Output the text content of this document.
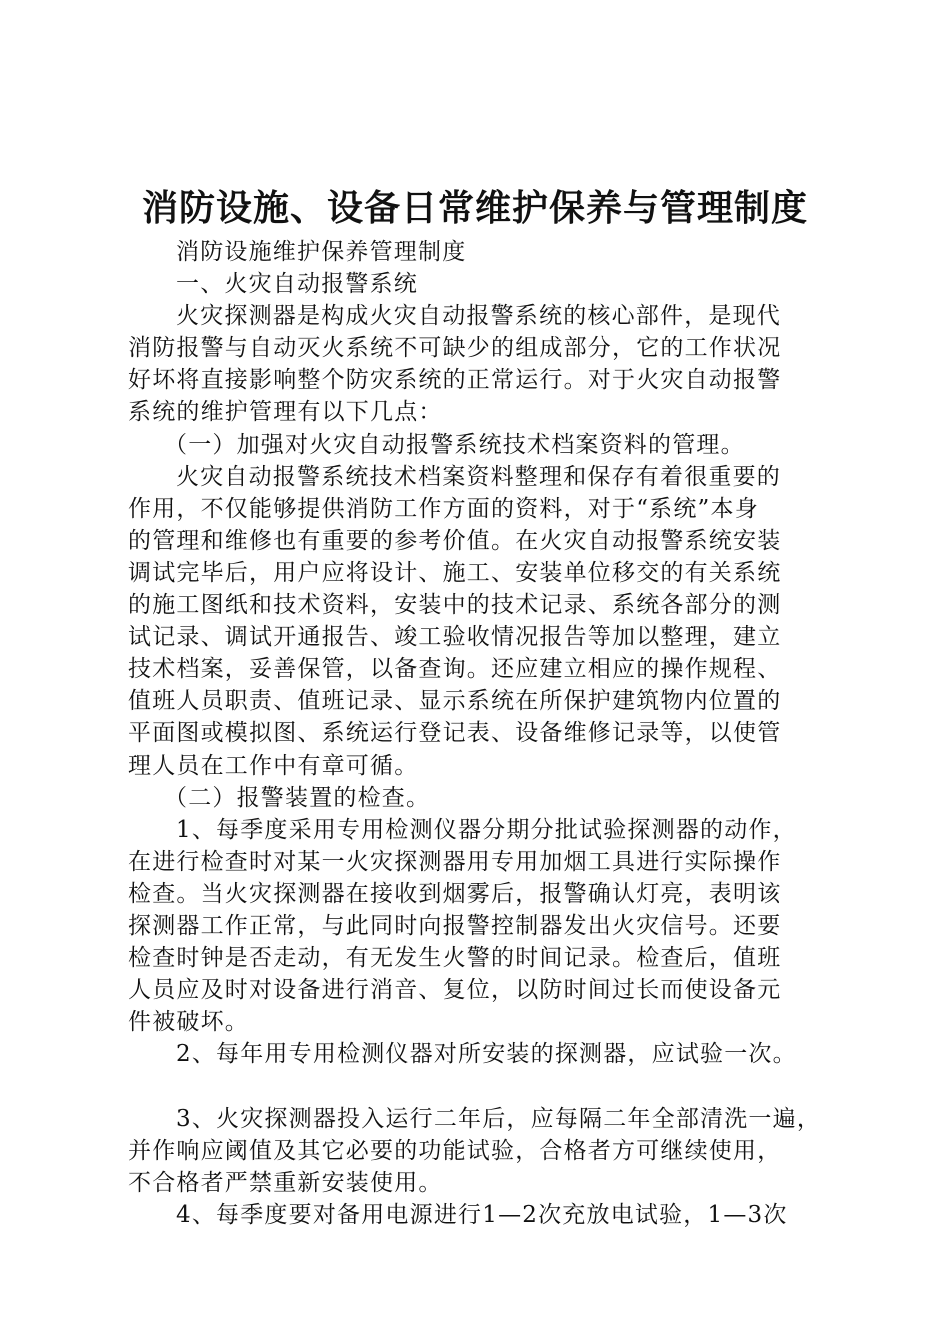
消防设施、设备日常维护保养与管理制度
消防设施维护保养管理制度
一、火灾自动报警系统
火灾探测器是构成火灾自动报警系统的核心部件，是现代
消防报警与自动灭火系统不可缺少的组成部分，它的工作状况
好坏将直接影响整个防灾系统的正常运行。对于火灾自动报警
系统的维护管理有以下几点：
（一）加强对火灾自动报警系统技术档案资料的管理。
火灾自动报警系统技术档案资料整理和保存有着很重要的
作用，不仅能够提供消防工作方面的资料，对于“系统”本身
的管理和维修也有重要的参考价值。在火灾自动报警系统安装
调试完毕后，用户应将设计、施工、安装单位移交的有关系统
的施工图纸和技术资料，安装中的技术记录、系统各部分的测
试记录、调试开通报告、竣工验收情况报告等加以整理，建立
技术档案，妥善保管，以备查询。还应建立相应的操作规程、
值班人员职责、值班记录、显示系统在所保护建筑物内位置的
平面图或模拟图、系统运行登记表、设备维修记录等，以使管
理人员在工作中有章可循。
（二）报警装置的检查。
1、每季度采用专用检测仪器分期分批试验探测器的动作，
在进行检查时对某一火灾探测器用专用加烟工具进行实际操作
检查。当火灾探测器在接收到烟雾后，报警确认灯亮，表明该
探测器工作正常，与此同时向报警控制器发出火灾信号。还要
检查时钟是否走动，有无发生火警的时间记录。检查后，值班
人员应及时对设备进行消音、复位，以防时间过长而使设备元
件被破坏。
2、每年用专用检测仪器对所安装的探测器，应试验一次。
3、火灾探测器投入运行二年后，应每隔二年全部清洗一遍，
并作响应阈值及其它必要的功能试验，合格者方可继续使用，
不合格者严禁重新安装使用。
4、每季度要对备用电源进行1—2次充放电试验，1—3次
